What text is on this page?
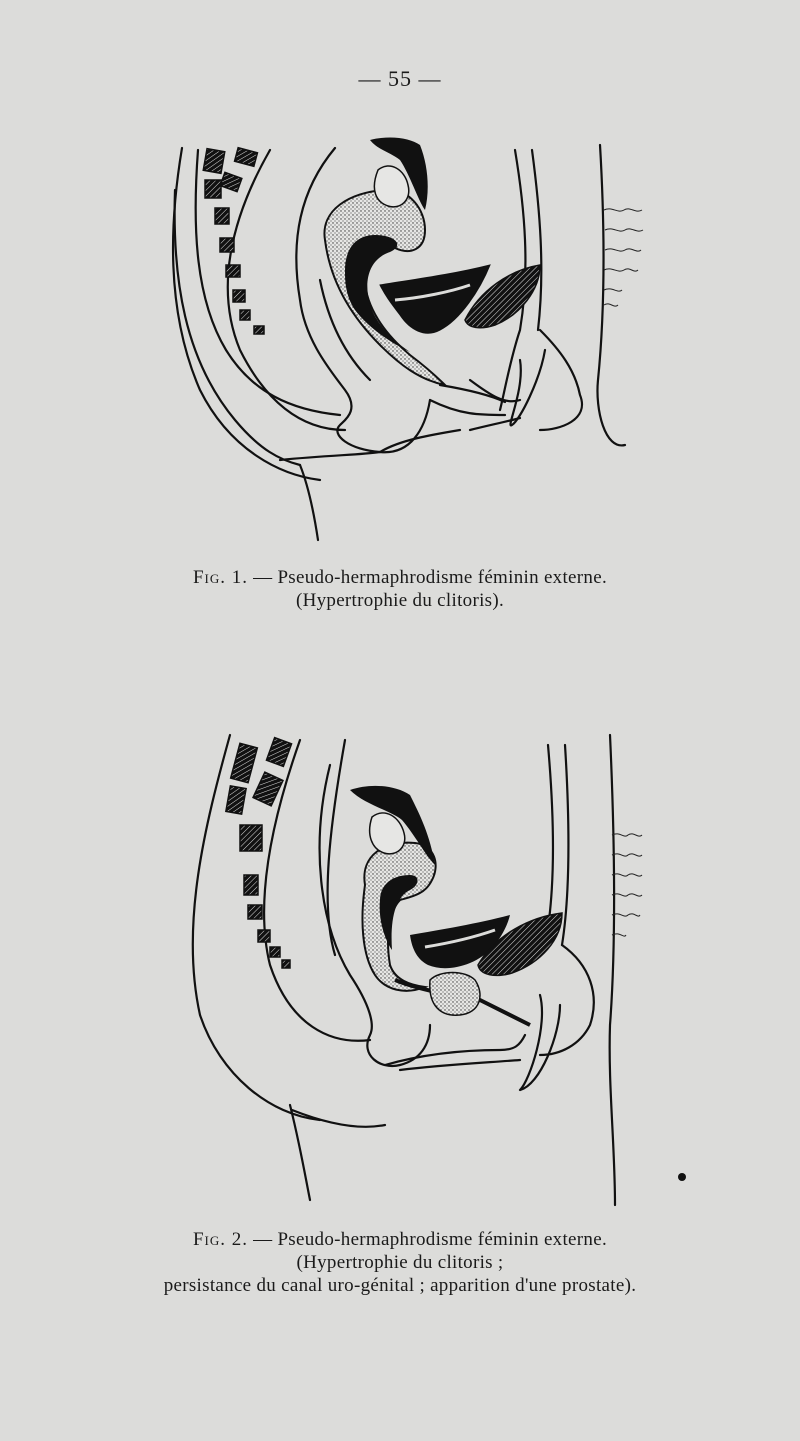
— 55 —
Fig. 1. — Pseudo-hermaphrodisme féminin externe.
(Hypertrophie du clitoris).
Fig. 2. — Pseudo-hermaphrodisme féminin externe.
(Hypertrophie du clitoris ;
persistance du canal uro-génital ; apparition d'une prostate).
